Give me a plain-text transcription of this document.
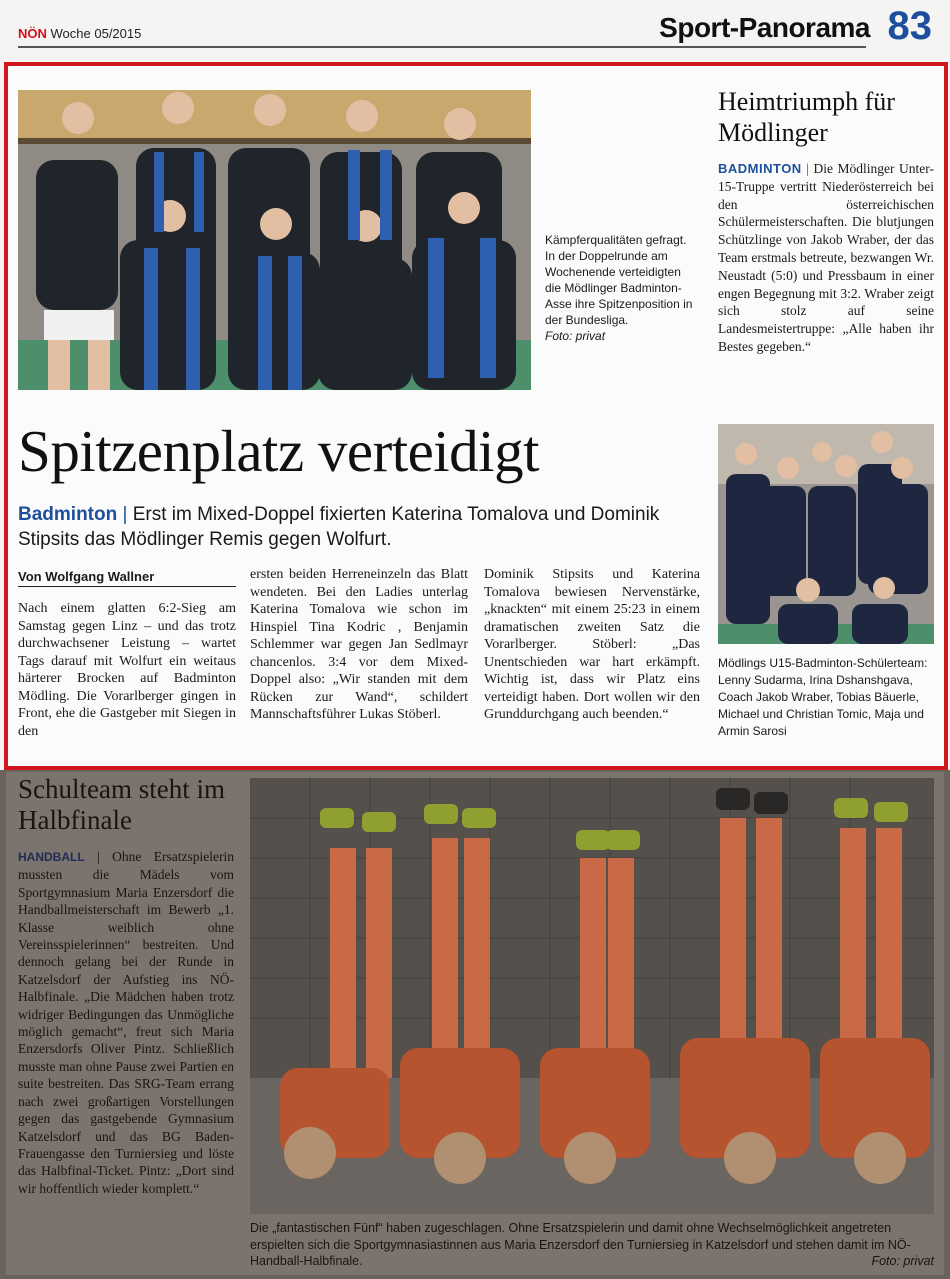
NÖN Woche 05/2015	Sport-Panorama 83
Kämpferqualitäten gefragt. In der Doppelrunde am Wochenende verteidigten die Mödlinger Badminton-Asse ihre Spitzenposition in der Bundesliga.
Foto: privat
Heimtriumph für Mödlinger
BADMINTON | Die Mödlinger Unter-15-Truppe vertritt Niederösterreich bei den österreichischen Schülermeisterschaften. Die blutjungen Schützlinge von Jakob Wraber, der das Team erstmals betreute, bezwangen Wr. Neustadt (5:0) und Pressbaum in einer engen Begegnung mit 3:2. Wraber zeigt sich stolz auf seine Landesmeistertruppe: „Alle haben ihr Bestes gegeben.“
Spitzenplatz verteidigt
Badminton | Erst im Mixed-Doppel fixierten Katerina Tomalova und Dominik Stipsits das Mödlinger Remis gegen Wolfurt.
Von Wolfgang Wallner
Nach einem glatten 6:2-Sieg am Samstag gegen Linz – und das trotz durchwachsener Leistung – wartet Tags darauf mit Wolfurt ein weitaus härterer Brocken auf Badminton Mödling. Die Vorarlberger gingen in Front, ehe die Gastgeber mit Siegen in den
ersten beiden Herreneinzeln das Blatt wendeten. Bei den Ladies unterlag Katerina Tomalova wie schon im Hinspiel Tina Kodric , Benjamin Schlemmer war gegen Jan Sedlmayr chancenlos. 3:4 vor dem Mixed-Doppel also: „Wir standen mit dem Rücken zur Wand“, schildert Mannschaftsführer Lukas Stöberl.
Dominik Stipsits und Katerina Tomalova bewiesen Nervenstärke, „knackten“ mit einem 25:23 in einem dramatischen zweiten Satz die Vorarlberger. Stöberl: „Das Unentschieden war hart erkämpft. Wichtig ist, dass wir Platz eins verteidigt haben. Dort wollen wir den Grunddurchgang auch beenden.“
Mödlings U15-Badminton-Schülerteam: Lenny Sudarma, Irina Dshanshgava, Coach Jakob Wraber, Tobias Bäuerle, Michael und Christian Tomic, Maja und Armin Sarosi
Schulteam steht im Halbfinale
HANDBALL | Ohne Ersatzspielerin mussten die Mädels vom Sportgymnasium Maria Enzersdorf die Handballmeisterschaft im Bewerb „1. Klasse weiblich ohne Vereinsspielerinnen“ bestreiten. Und dennoch gelang bei der Runde in Katzelsdorf der Aufstieg ins NÖ-Halbfinale. „Die Mädchen haben trotz widriger Bedingungen das Unmögliche möglich gemacht“, freut sich Maria Enzersdorfs Oliver Pintz. Schließlich musste man ohne Pause zwei Partien en suite bestreiten. Das SRG-Team errang nach zwei großartigen Vorstellungen gegen das gastgebende Gymnasium Katzelsdorf und das BG Baden-Frauengasse den Turniersieg und löste das Halbfinal-Ticket. Pintz: „Dort sind wir hoffentlich wieder komplett.“
Die „fantastischen Fünf“ haben zugeschlagen. Ohne Ersatzspielerin und damit ohne Wechselmöglichkeit angetreten erspielten sich die Sportgymnasiastinnen aus Maria Enzersdorf den Turniersieg in Katzelsdorf und stehen damit im NÖ-Handball-Halbfinale.	Foto: privat
